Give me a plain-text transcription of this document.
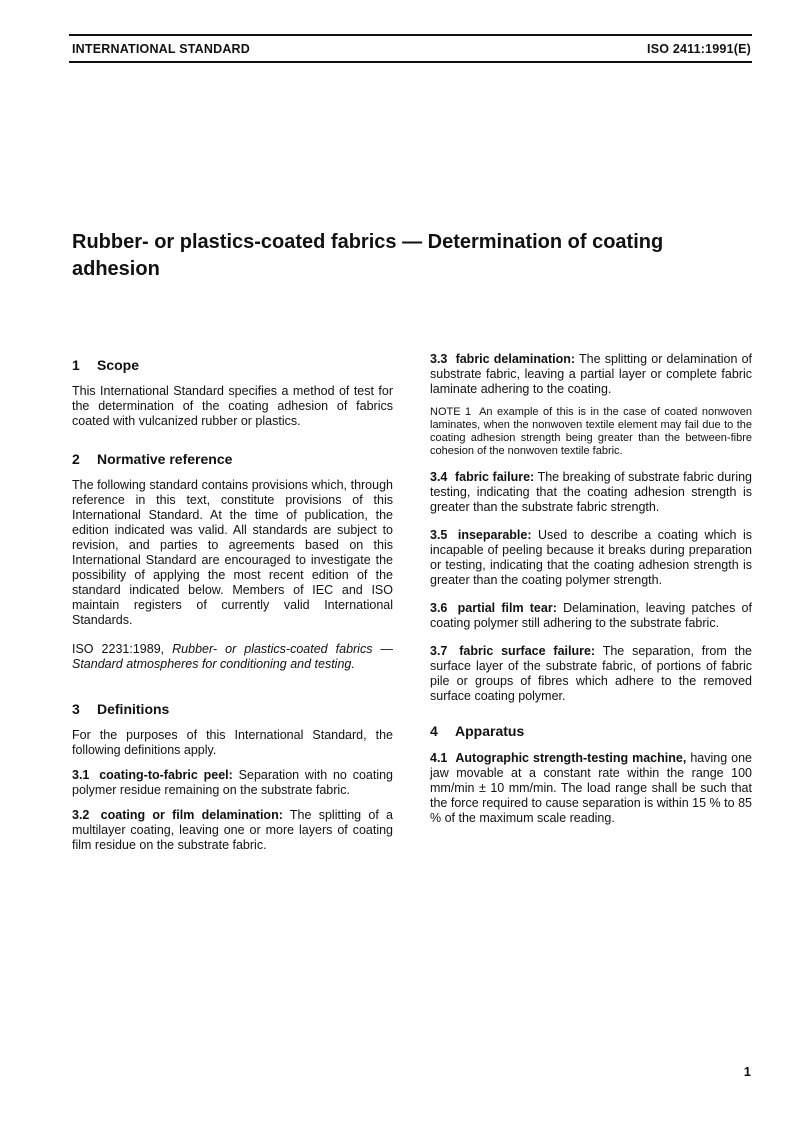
INTERNATIONAL STANDARD	ISO 2411:1991(E)
Rubber- or plastics-coated fabrics — Determination of coating adhesion
1 Scope

This International Standard specifies a method of test for the determination of the coating adhesion of fabrics coated with vulcanized rubber or plastics.

2 Normative reference

The following standard contains provisions which, through reference in this text, constitute provisions of this International Standard. At the time of publication, the edition indicated was valid. All standards are subject to revision, and parties to agreements based on this International Standard are encouraged to investigate the possibility of applying the most recent edition of the standard indicated below. Members of IEC and ISO maintain registers of currently valid International Standards.

ISO 2231:1989, Rubber- or plastics-coated fabrics — Standard atmospheres for conditioning and testing.

3 Definitions

For the purposes of this International Standard, the following definitions apply.

3.1 coating-to-fabric peel: Separation with no coating polymer residue remaining on the substrate fabric.

3.2 coating or film delamination: The splitting of a multilayer coating, leaving one or more layers of coating film residue on the substrate fabric.

3.3 fabric delamination: The splitting or delamination of substrate fabric, leaving a partial layer or complete fabric laminate adhering to the coating.

NOTE 1 An example of this is in the case of coated nonwoven laminates, when the nonwoven textile element may fail due to the coating adhesion strength being greater than the between-fibre cohesion of the nonwoven textile fabric.

3.4 fabric failure: The breaking of substrate fabric during testing, indicating that the coating adhesion strength is greater than the substrate fabric strength.

3.5 inseparable: Used to describe a coating which is incapable of peeling because it breaks during preparation or testing, indicating that the coating adhesion strength is greater than the coating polymer strength.

3.6 partial film tear: Delamination, leaving patches of coating polymer still adhering to the substrate fabric.

3.7 fabric surface failure: The separation, from the surface layer of the substrate fabric, of portions of fabric pile or groups of fibres which adhere to the removed surface coating polymer.

4 Apparatus

4.1 Autographic strength-testing machine, having one jaw movable at a constant rate within the range 100 mm/min ± 10 mm/min. The load range shall be such that the force required to cause separation is within 15 % to 85 % of the maximum scale reading.

1
